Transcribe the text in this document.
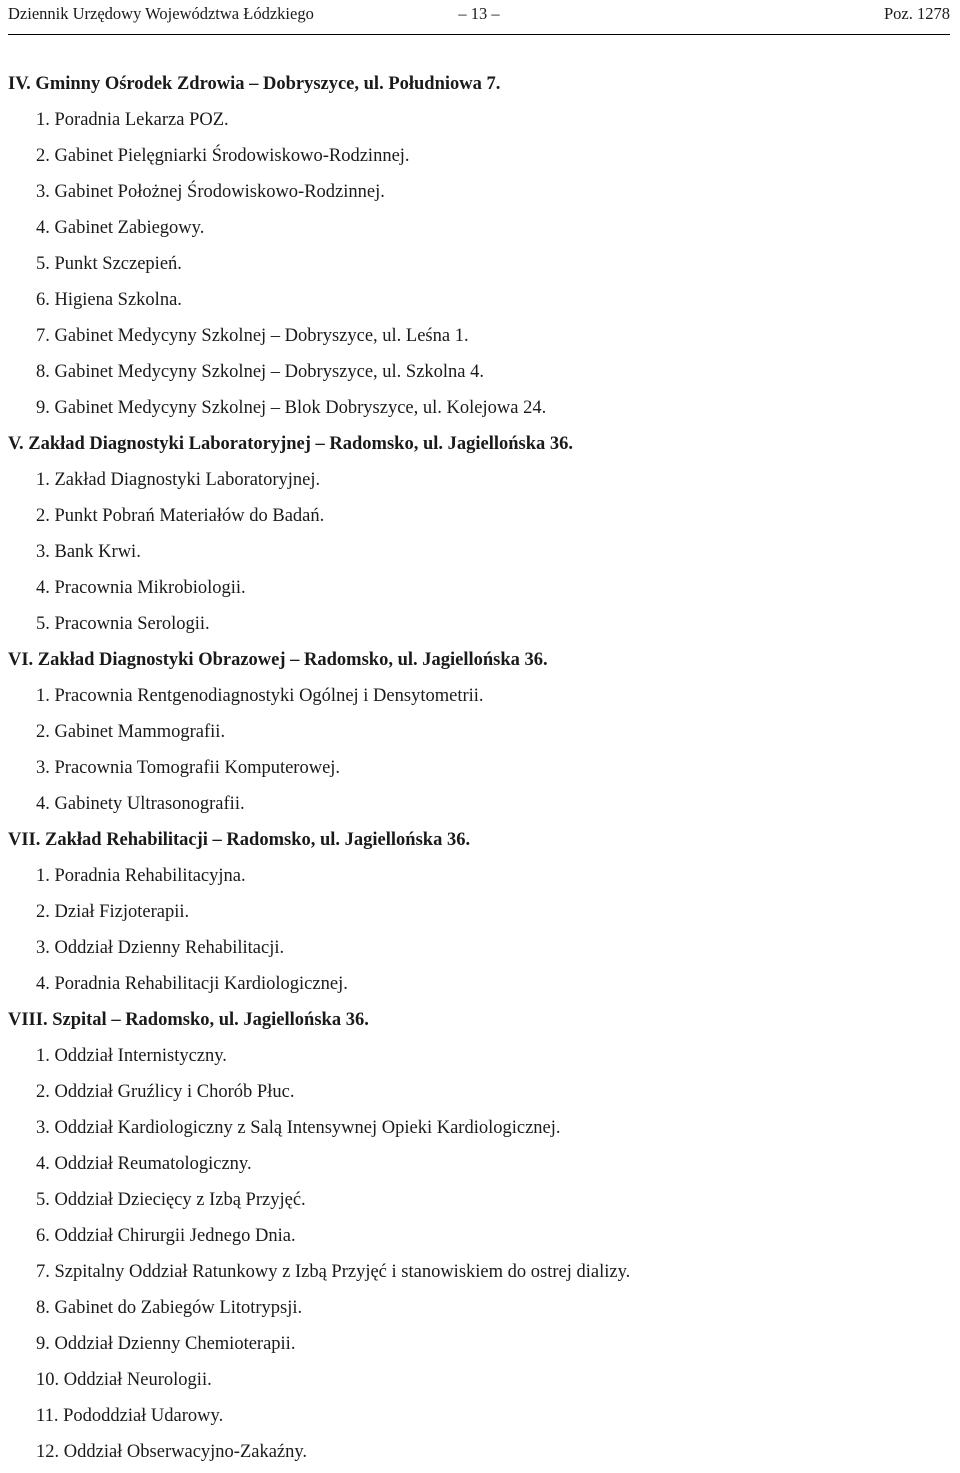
Dziennik Urzędowy Województwa Łódzkiego	– 13 –	Poz. 1278
IV. Gminny Ośrodek Zdrowia – Dobryszyce, ul. Południowa 7.
1. Poradnia Lekarza POZ.
2. Gabinet Pielęgniarki Środowiskowo-Rodzinnej.
3. Gabinet Położnej Środowiskowo-Rodzinnej.
4. Gabinet Zabiegowy.
5. Punkt Szczepień.
6. Higiena Szkolna.
7. Gabinet Medycyny Szkolnej – Dobryszyce, ul. Leśna 1.
8. Gabinet Medycyny Szkolnej – Dobryszyce, ul. Szkolna 4.
9. Gabinet Medycyny Szkolnej – Blok Dobryszyce, ul. Kolejowa 24.
V. Zakład Diagnostyki Laboratoryjnej – Radomsko, ul. Jagiellońska 36.
1. Zakład Diagnostyki Laboratoryjnej.
2. Punkt Pobrań Materiałów do Badań.
3. Bank Krwi.
4. Pracownia Mikrobiologii.
5. Pracownia Serologii.
VI. Zakład Diagnostyki Obrazowej – Radomsko, ul. Jagiellońska 36.
1. Pracownia Rentgenodiagnostyki Ogólnej i Densytometrii.
2. Gabinet Mammografii.
3. Pracownia Tomografii Komputerowej.
4. Gabinety Ultrasonografii.
VII. Zakład Rehabilitacji – Radomsko, ul. Jagiellońska 36.
1. Poradnia Rehabilitacyjna.
2. Dział Fizjoterapii.
3. Oddział Dzienny Rehabilitacji.
4. Poradnia Rehabilitacji Kardiologicznej.
VIII. Szpital – Radomsko, ul. Jagiellońska 36.
1. Oddział Internistyczny.
2. Oddział Gruźlicy i Chorób Płuc.
3. Oddział Kardiologiczny z Salą Intensywnej Opieki Kardiologicznej.
4. Oddział Reumatologiczny.
5. Oddział Dziecięcy z Izbą Przyjęć.
6. Oddział Chirurgii Jednego Dnia.
7. Szpitalny Oddział Ratunkowy z Izbą Przyjęć i stanowiskiem do ostrej dializy.
8. Gabinet do Zabiegów Litotrypsji.
9. Oddział Dzienny Chemioterapii.
10. Oddział Neurologii.
11. Pododdział Udarowy.
12. Oddział Obserwacyjno-Zakaźny.
